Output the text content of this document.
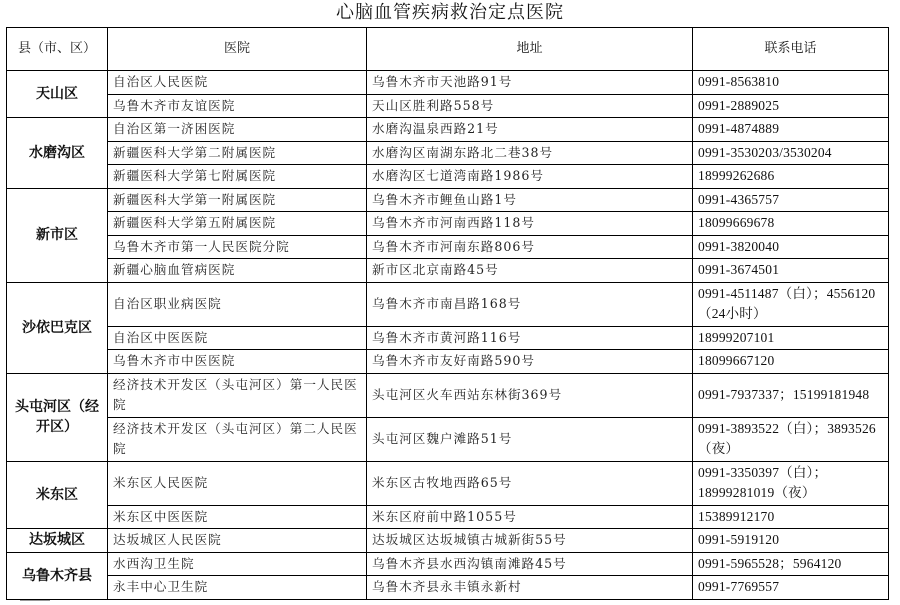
心脑血管疾病救治定点医院
县（市、区）	医院	地址	联系电话
天山区	自治区人民医院	乌鲁木齐市天池路91号	0991-8563810
	乌鲁木齐市友谊医院	天山区胜利路558号	0991-2889025
水磨沟区	自治区第一济困医院	水磨沟温泉西路21号	0991-4874889
	新疆医科大学第二附属医院	水磨沟区南湖东路北二巷38号	0991-3530203/3530204
	新疆医科大学第七附属医院	水磨沟区七道湾南路1986号	18999262686
新市区	新疆医科大学第一附属医院	乌鲁木齐市鲤鱼山路1号	0991-4365757
	新疆医科大学第五附属医院	乌鲁木齐市河南西路118号	18099669678
	乌鲁木齐市第一人民医院分院	乌鲁木齐市河南东路806号	0991-3820040
	新疆心脑血管病医院	新市区北京南路45号	0991-3674501
沙依巴克区	自治区职业病医院	乌鲁木齐市南昌路168号	0991-4511487（白）；4556120（24小时）
	自治区中医医院	乌鲁木齐市黄河路116号	18999207101
	乌鲁木齐市中医医院	乌鲁木齐市友好南路590号	18099667120
头屯河区（经开区）	经济技术开发区（头屯河区）第一人民医院	头屯河区火车西站东林街369号	0991-7937337；15199181948
	经济技术开发区（头屯河区）第二人民医院	头屯河区魏户滩路51号	0991-3893522（白）；3893526（夜）
米东区	米东区人民医院	米东区古牧地西路65号	0991-3350397（白）；18999281019（夜）
	米东区中医医院	米东区府前中路1055号	15389912170
达坂城区	达坂城区人民医院	达坂城区达坂城镇古城新街55号	0991-5919120
乌鲁木齐县	水西沟卫生院	乌鲁木齐县水西沟镇南滩路45号	0991-5965528；5964120
	永丰中心卫生院	乌鲁木齐县永丰镇永新村	0991-7769557
